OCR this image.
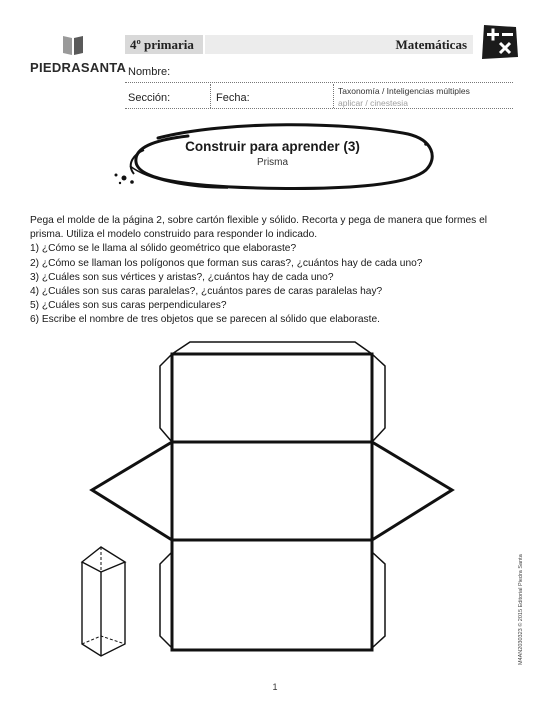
PIEDRASANTA
4º primaria	Matemáticas
Nombre:
Sección:	Fecha:
Taxonomía / Inteligencias múltiples
aplicar / cinestesia
Construir para aprender (3)
Prisma

Pega el molde de la página 2, sobre cartón flexible y sólido. Recorta y pega de manera que formes el

prisma. Utiliza el modelo construido para responder lo indicado.

1) ¿Cómo se le llama al sólido geométrico que elaboraste?
2) ¿Cómo se llaman los polígonos que forman sus caras?, ¿cuántos hay de cada uno?
3) ¿Cuáles son sus vértices y aristas?, ¿cuántos hay de cada uno?
4) ¿Cuáles son sus caras paralelas?, ¿cuántos pares de caras paralelas hay?
5) ¿Cuáles son sus caras perpendiculares?
6) Escribe el nombre de tres objetos que se parecen al sólido que elaboraste.
M4AN2030323 © 2015 Editorial Piedra Santa
1
